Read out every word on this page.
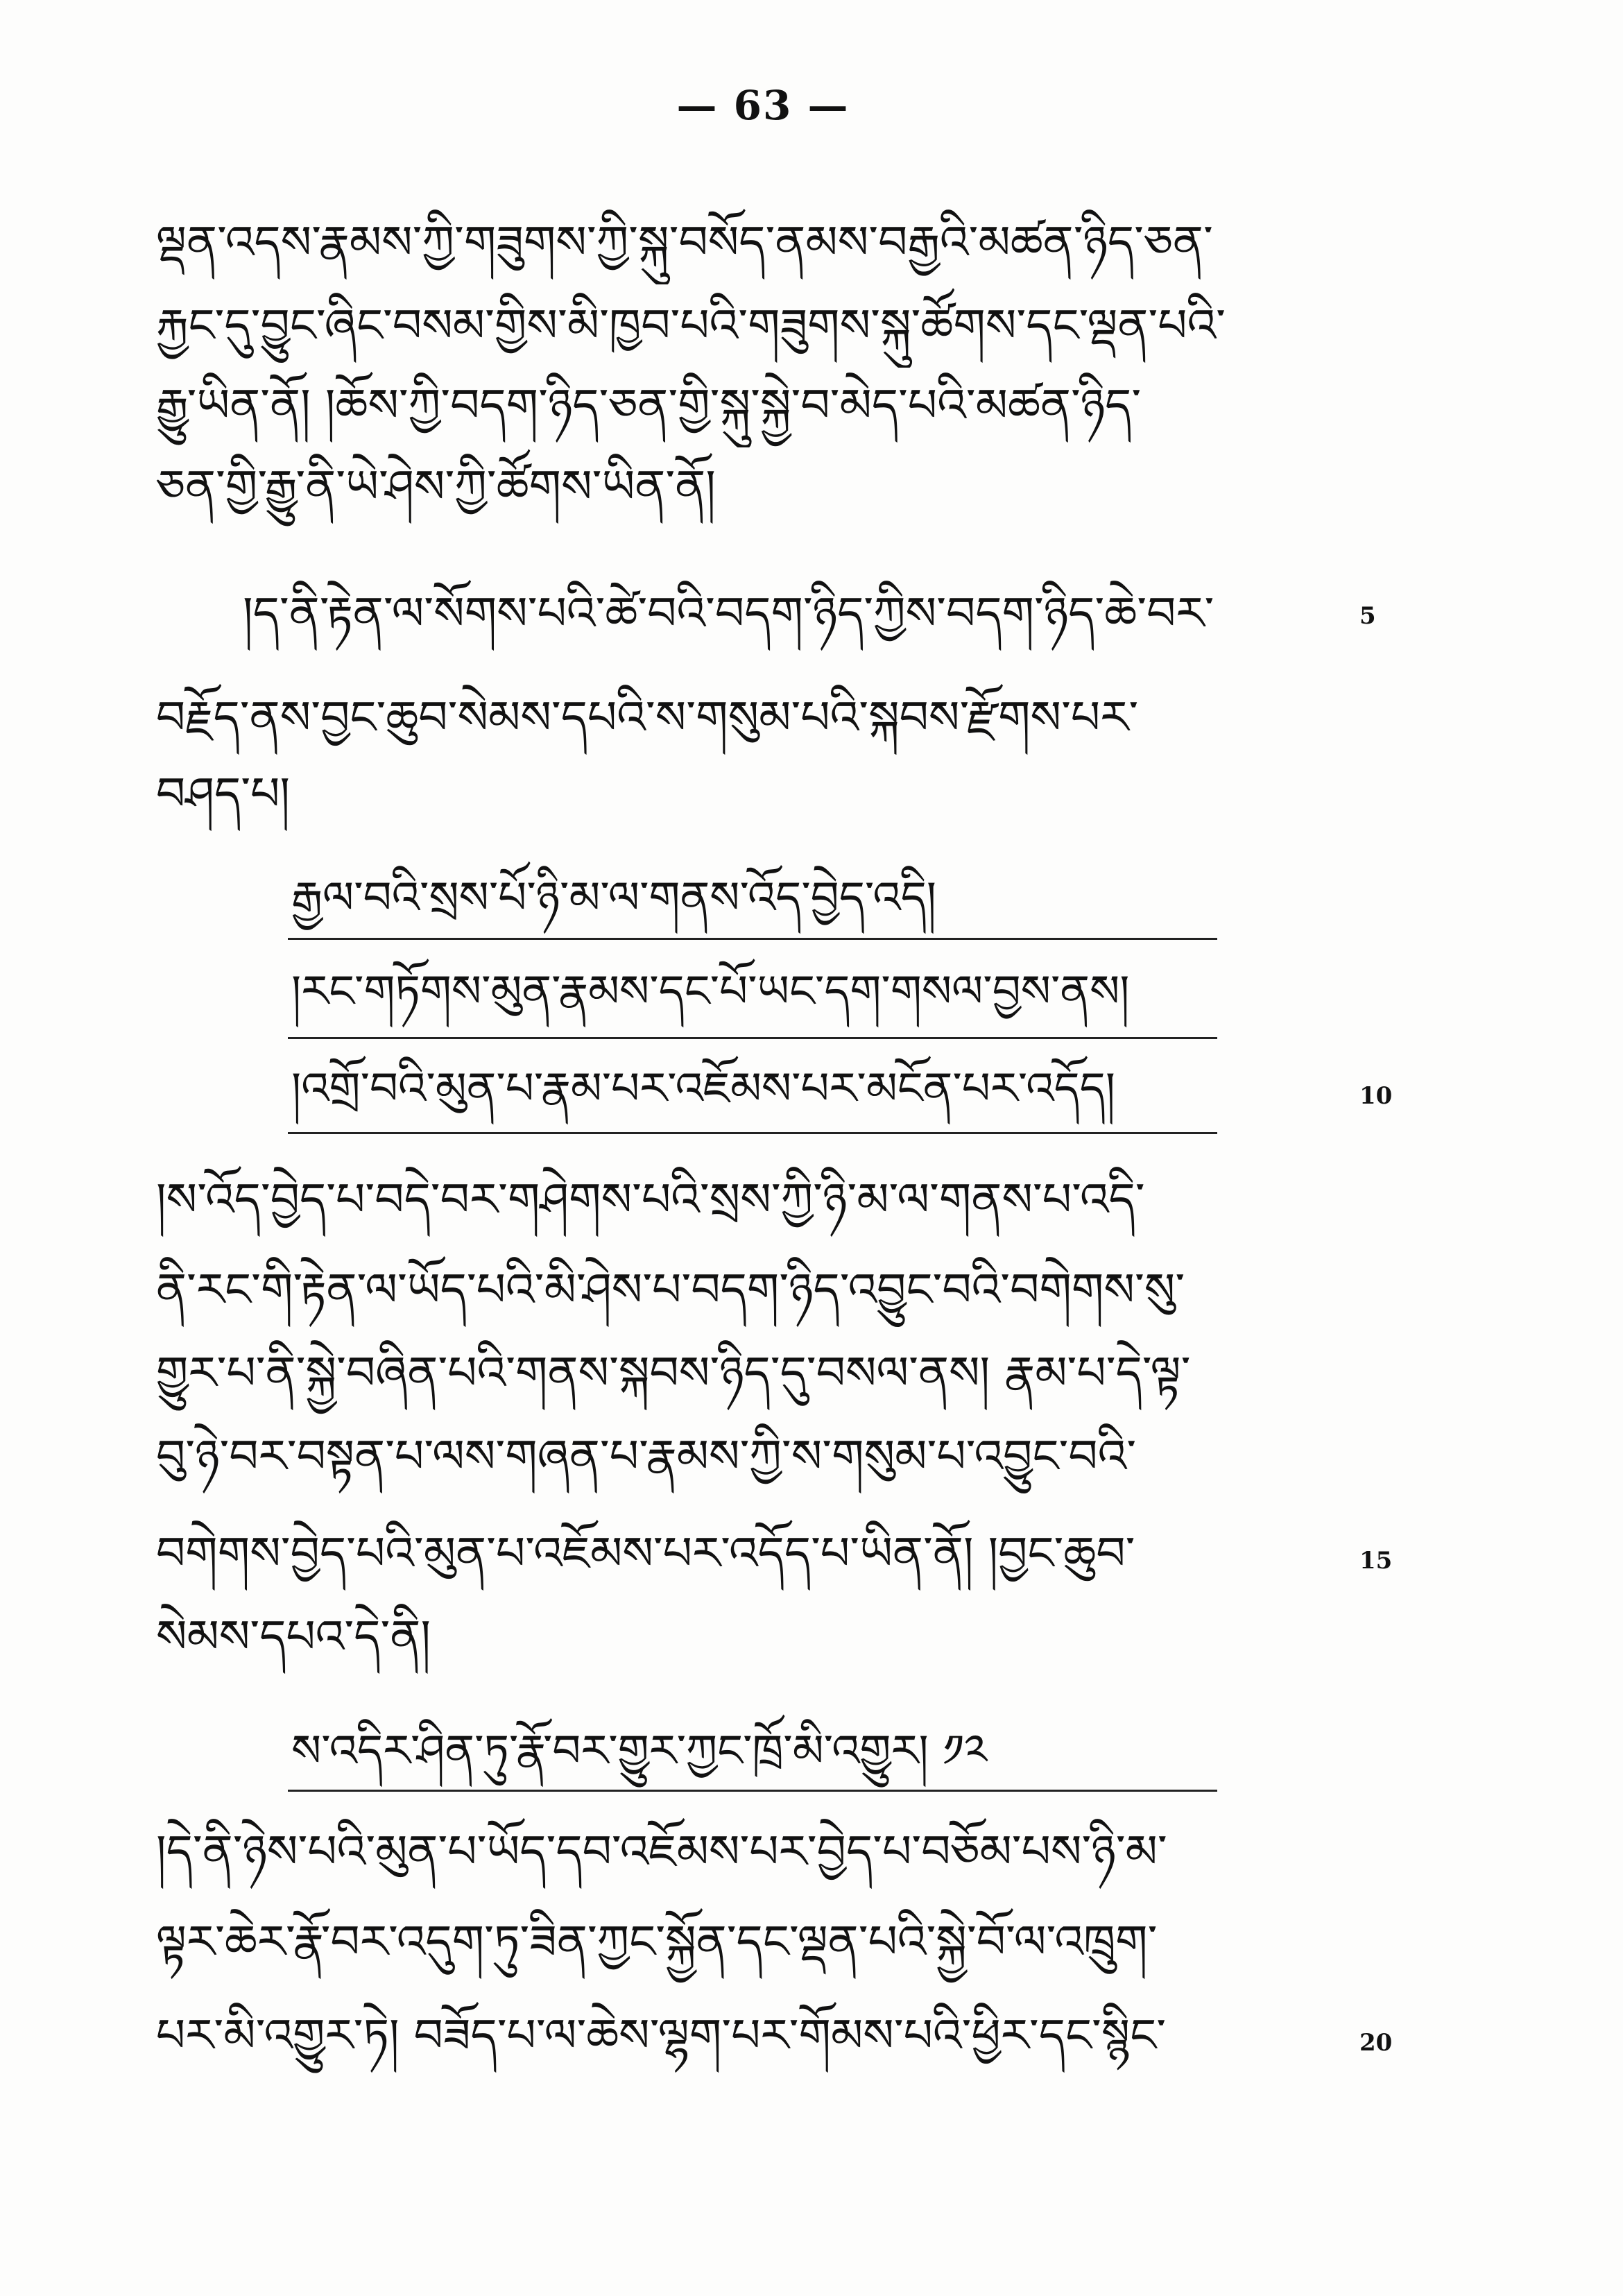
— 63 —
ལྡན་འདས་རྣམས་ཀྱི་གཟུགས་ཀྱི་སྐུ་བསོད་ནམས་བརྒྱའི་མཚན་ཉིད་ཅན་
རྐྱང་དུ་བྱུང་ཞིང་བསམ་གྱིས་མི་ཁྱབ་པའི་གཟུགས་སྐུ་ཚོགས་དང་ལྡན་པའི་
རྒྱུ་ཡིན་ནོ། །ཆོས་ཀྱི་བདག་ཉིད་ཅན་གྱི་སྐུ་སྐྱེ་བ་མེད་པའི་མཚན་ཉིད་
ཅན་གྱི་རྒྱུ་ནི་ཡེ་ཤེས་ཀྱི་ཚོགས་ཡིན་ནོ།
།ད་ནི་རྟེན་ལ་སོགས་པའི་ཚེ་བའི་བདག་ཉིད་ཀྱིས་བདག་ཉིད་ཆེ་བར་	5
བརྗོད་ནས་བྱང་ཆུབ་སེམས་དཔའི་ས་གསུམ་པའི་སྐབས་རྫོགས་པར་
བཤད་པ།
རྒྱལ་བའི་སྲས་པོ་ཉི་མ་ལ་གནས་འོད་བྱེད་འདི།
།རང་གཏོགས་མུན་རྣམས་དང་པོ་ཡང་དག་གསལ་བྱས་ནས།
།འགྲོ་བའི་མུན་པ་རྣམ་པར་འཇོམས་པར་མངོན་པར་འདོད།	10
།ས་འོད་བྱེད་པ་བདེ་བར་གཤེགས་པའི་སྲས་ཀྱི་ཉི་མ་ལ་གནས་པ་འདི་
ནི་རང་གི་རྟེན་ལ་ཡོད་པའི་མི་ཤེས་པ་བདག་ཉིད་འབྱུང་བའི་བགེགས་སུ་
གྱུར་པ་ནི་སྐྱེ་བཞིན་པའི་གནས་སྐབས་ཉིད་དུ་བསལ་ནས། རྣམ་པ་དེ་ལྟ་
བུ་ཉེ་བར་བསྟན་པ་ལས་གཞན་པ་རྣམས་ཀྱི་ས་གསུམ་པ་འབྱུང་བའི་
བགེགས་བྱེད་པའི་མུན་པ་འཇོམས་པར་འདོད་པ་ཡིན་ནོ། །བྱང་ཆུབ་	15
སེམས་དཔའ་དེ་ནི།
ས་འདིར་ཤིན་ཏུ་རྣོ་བར་གྱུར་ཀྱང་ཁྲོ་མི་འགྱུར། ༡༢
།དེ་ནི་ཉེས་པའི་མུན་པ་ཡོད་དབ་འཇོམས་པར་བྱེད་པ་བཅོམ་པས་ཉི་མ་
ལྟར་ཆེར་རྣོ་བར་འདུག་ཏུ་ཟིན་ཀྱང་སྐྱོན་དང་ལྡན་པའི་སྐྱེ་བོ་ལ་འཁྲུག་
པར་མི་འགྱུར་ཏེ། བཟོད་པ་ལ་ཆེས་ལྷག་པར་གོམས་པའི་ཕྱིར་དང་སྙིང་	20
